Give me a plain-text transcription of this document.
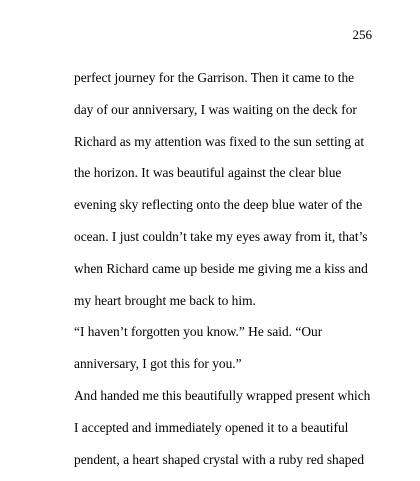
256
perfect journey for the Garrison. Then it came to the
day of our anniversary, I was waiting on the deck for
Richard as my attention was fixed to the sun setting at
the horizon. It was beautiful against the clear blue
evening sky reflecting onto the deep blue water of the
ocean. I just couldn’t take my eyes away from it, that’s
when Richard came up beside me giving me a kiss and
my heart brought me back to him.
“I haven’t forgotten you know.” He said. “Our
anniversary, I got this for you.”
And handed me this beautifully wrapped present which
I accepted and immediately opened it to a beautiful
pendent, a heart shaped crystal with a ruby red shaped
